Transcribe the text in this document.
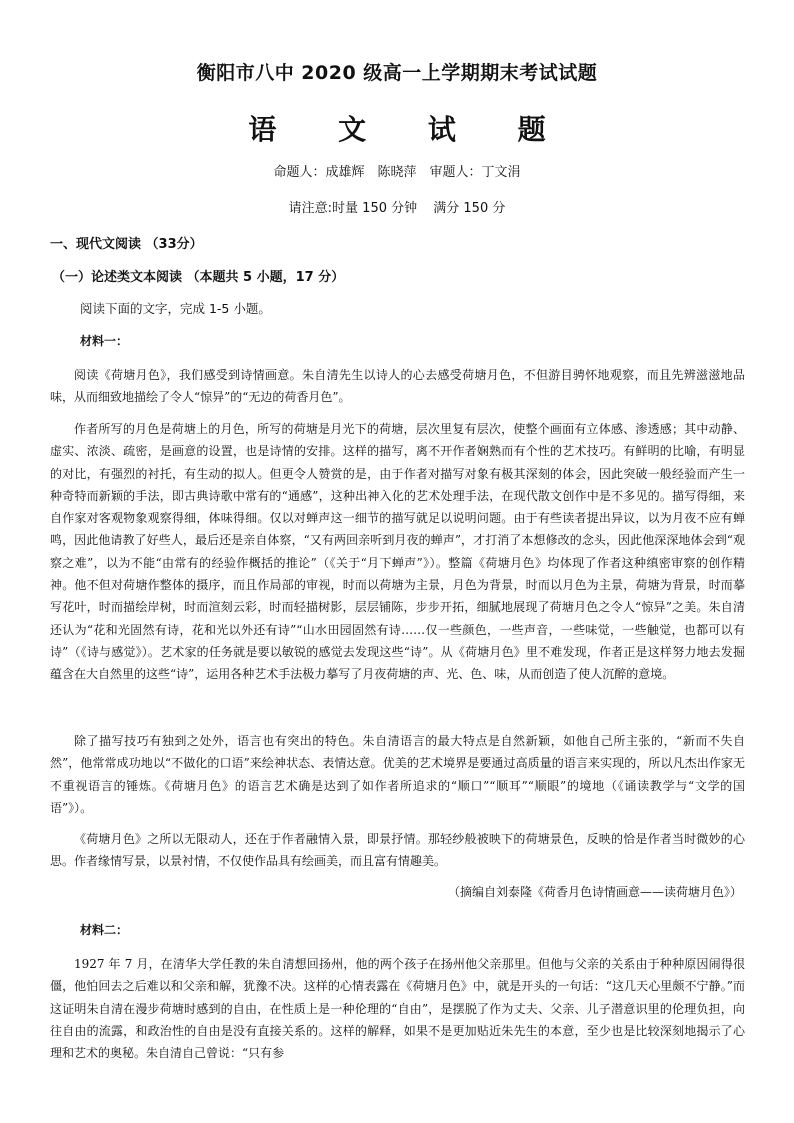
衡阳市八中 2020 级高一上学期期末考试试题
语 文 试 题
命题人：成雄辉　陈晓萍　审题人：丁文涓
请注意:时量 150 分钟 满分 150 分
一、现代文阅读 （33分）
（一）论述类文本阅读 （本题共 5 小题，17 分）
阅读下面的文字，完成 1-5 小题。
材料一：

阅读《荷塘月色》，我们感受到诗情画意。朱自清先生以诗人的心去感受荷塘月色，不但游目骋怀地观察，而且先辨滋滋地品味，从而细致地描绘了令人“惊异”的“无边的荷香月色”。

作者所写的月色是荷塘上的月色，所写的荷塘是月光下的荷塘，层次里复有层次，使整个画面有立体感、渗透感；其中动静、虚实、浓淡、疏密，是画意的设置，也是诗情的安排。这样的描写，离不开作者娴熟而有个性的艺术技巧。有鲜明的比喻，有明显的对比，有强烈的衬托，有生动的拟人。但更令人赞赏的是，由于作者对描写对象有极其深刻的体会，因此突破一般经验而产生一种奇特而新颖的手法，即古典诗歌中常有的“通感”，这种出神入化的艺术处理手法，在现代散文创作中是不多见的。描写得细，来自作家对客观物象观察得细，体味得细。仅以对蝉声这一细节的描写就足以说明问题。由于有些读者提出异议，以为月夜不应有蝉鸣，因此他请教了好些人，最后还是亲自体察，“又有两回亲听到月夜的蝉声”，才打消了本想修改的念头，因此他深深地体会到“观察之难”，以为不能“由常有的经验作概括的推论”（《关于“月下蝉声”》）。整篇《荷塘月色》均体现了作者这种缜密审察的创作精神。他不但对荷塘作整体的摄序，而且作局部的审视，时而以荷塘为主景，月色为背景，时而以月色为主景，荷塘为背景，时而摹写花叶，时而描绘岸树，时而渲刻云彩，时而轻描树影，层层铺陈，步步开拓，细腻地展现了荷塘月色之令人“惊异”之美。朱自清还认为“花和光固然有诗，花和光以外还有诗”“山水田园固然有诗……仅一些颜色，一些声音，一些味觉，一些触觉，也都可以有诗”（《诗与感觉》）。艺术家的任务就是要以敏锐的感觉去发现这些“诗”。从《荷塘月色》里不难发现，作者正是这样努力地去发掘蕴含在大自然里的这些“诗”，运用各种艺术手法极力摹写了月夜荷塘的声、光、色、味，从而创造了使人沉醉的意境。

除了描写技巧有独到之处外，语言也有突出的特色。朱自清语言的最大特点是自然新颖，如他自己所主张的，“新而不失自然”，他常常成功地以“不做化的口语”来绘神状态、表情达意。优美的艺术境界是要通过高质量的语言来实现的，所以凡杰出作家无不重视语言的锤炼。《荷塘月色》的语言艺术确是达到了如作者所追求的“顺口”“顺耳”“顺眼”的境地（《诵读教学与“文学的国语”》）。

《荷塘月色》之所以无限动人，还在于作者融情入景，即景抒情。那轻纱般被映下的荷塘景色，反映的恰是作者当时微妙的心思。作者缘情写景，以景衬情，不仅使作品具有绘画美，而且富有情趣美。

（摘编自刘泰隆《荷香月色诗情画意——读荷塘月色》）
材料二：

1927 年 7 月，在清华大学任教的朱自清想回扬州，他的两个孩子在扬州他父亲那里。但他与父亲的关系由于种种原因闹得很僵，他怕回去之后难以和父亲和解，犹豫不决。这样的心情表露在《荷塘月色》中，就是开头的一句话：“这几天心里颇不宁静。”而这证明朱自清在漫步荷塘时感到的自由，在性质上是一种伦理的“自由”，是摆脱了作为丈夫、父亲、儿子潜意识里的伦理负担，向往自由的流露，和政治性的自由是没有直接关系的。这样的解释，如果不是更加贴近朱先生的本意，至少也是比较深刻地揭示了心理和艺术的奥秘。朱自清自己曾说：“只有参
